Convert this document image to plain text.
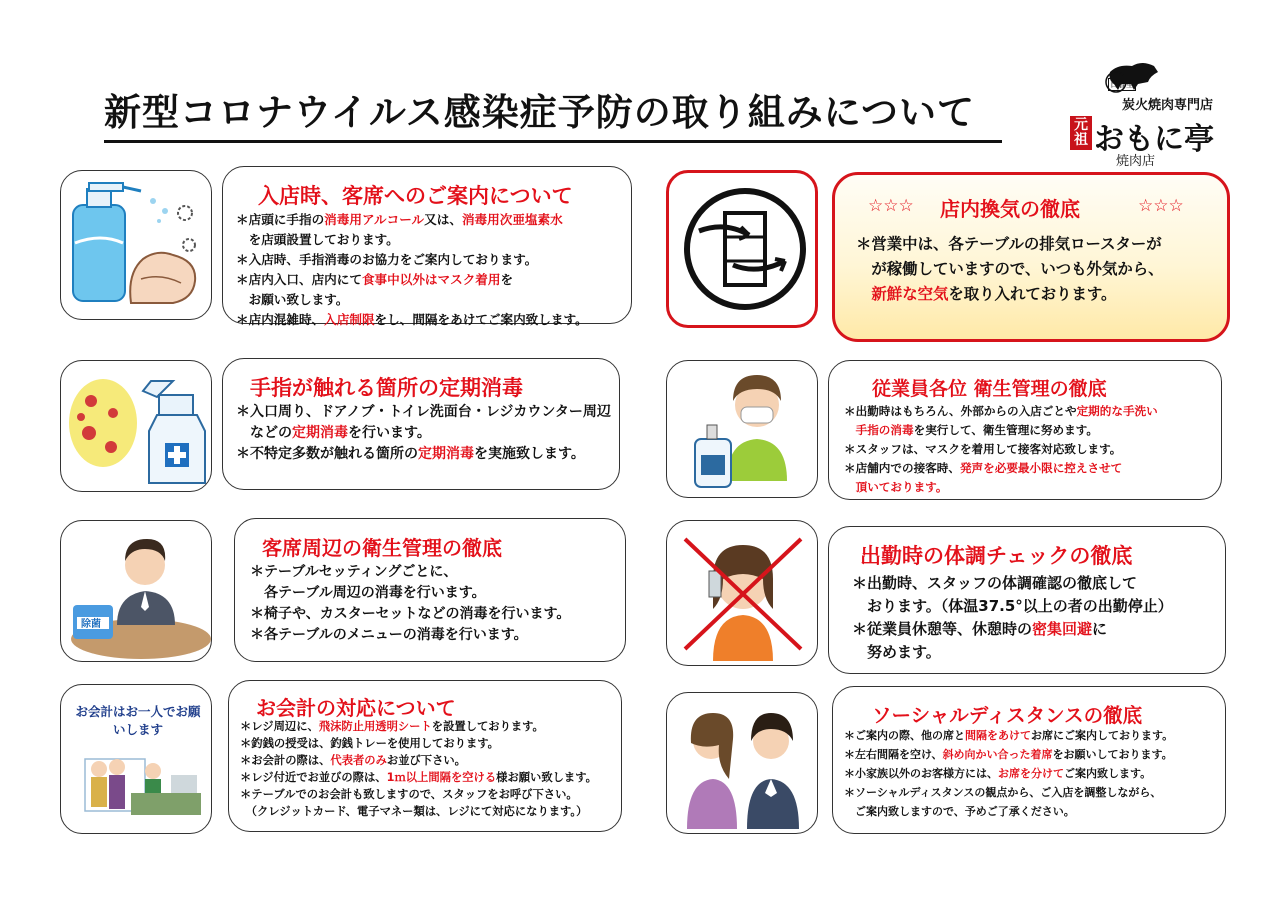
新型コロナウイルス感染症予防の取り組みについて
日暮里
炭火焼肉専門店
元祖 おもに亭
焼肉店
入店時、客席へのご案内について
＊店頭に手指の消毒用アルコール又は、消毒用次亜塩素水
　を店頭設置しております。
＊入店時、手指消毒のお協力をご案内しております。
＊店内入口、店内にて食事中以外はマスク着用を
　お願い致します。
＊店内混雑時、入店制限をし、間隔をあけてご案内致します。
手指が触れる箇所の定期消毒
＊入口周り、ドアノブ・トイレ洗面台・レジカウンター周辺
　などの定期消毒を行います。
＊不特定多数が触れる箇所の定期消毒を実施致します。
除菌
客席周辺の衛生管理の徹底
＊テーブルセッティングごとに、
　各テーブル周辺の消毒を行います。
＊椅子や、カスターセットなどの消毒を行います。
＊各テーブルのメニューの消毒を行います。
お会計はお一人でお願いします
お会計の対応について
＊レジ周辺に、飛沫防止用透明シートを設置しております。
＊釣銭の授受は、釣銭トレーを使用しております。
＊お会計の際は、代表者のみお並び下さい。
＊レジ付近でお並びの際は、1ｍ以上間隔を空ける様お願い致します。
＊テーブルでのお会計も致しますので、スタッフをお呼び下さい。
　（クレジットカード、電子マネー類は、レジにて対応になります。）
☆☆☆ 店内換気の徹底	☆☆☆
＊営業中は、各テーブルの排気ロースターが
　が稼働していますので、いつも外気から、
　新鮮な空気を取り入れております。
従業員各位 衛生管理の徹底
＊出勤時はもちろん、外部からの入店ごとや定期的な手洗い
　手指の消毒を実行して、衛生管理に努めます。
＊スタッフは、マスクを着用して接客対応致します。
＊店舗内での接客時、発声を必要最小限に控えさせて
　頂いております。
出勤時の体調チェックの徹底
＊出勤時、スタッフの体調確認の徹底して
　おります。（体温37.5°以上の者の出勤停止）
＊従業員休憩等、休憩時の密集回避に
　努めます。
ソーシャルディスタンスの徹底
＊ご案内の際、他の席と間隔をあけてお席にご案内しております。
＊左右間隔を空け、斜め向かい合った着席をお願いしております。
＊小家族以外のお客様方には、お席を分けてご案内致します。
＊ソーシャルディスタンスの観点から、ご入店を調整しながら、
　ご案内致しますので、予めご了承ください。
